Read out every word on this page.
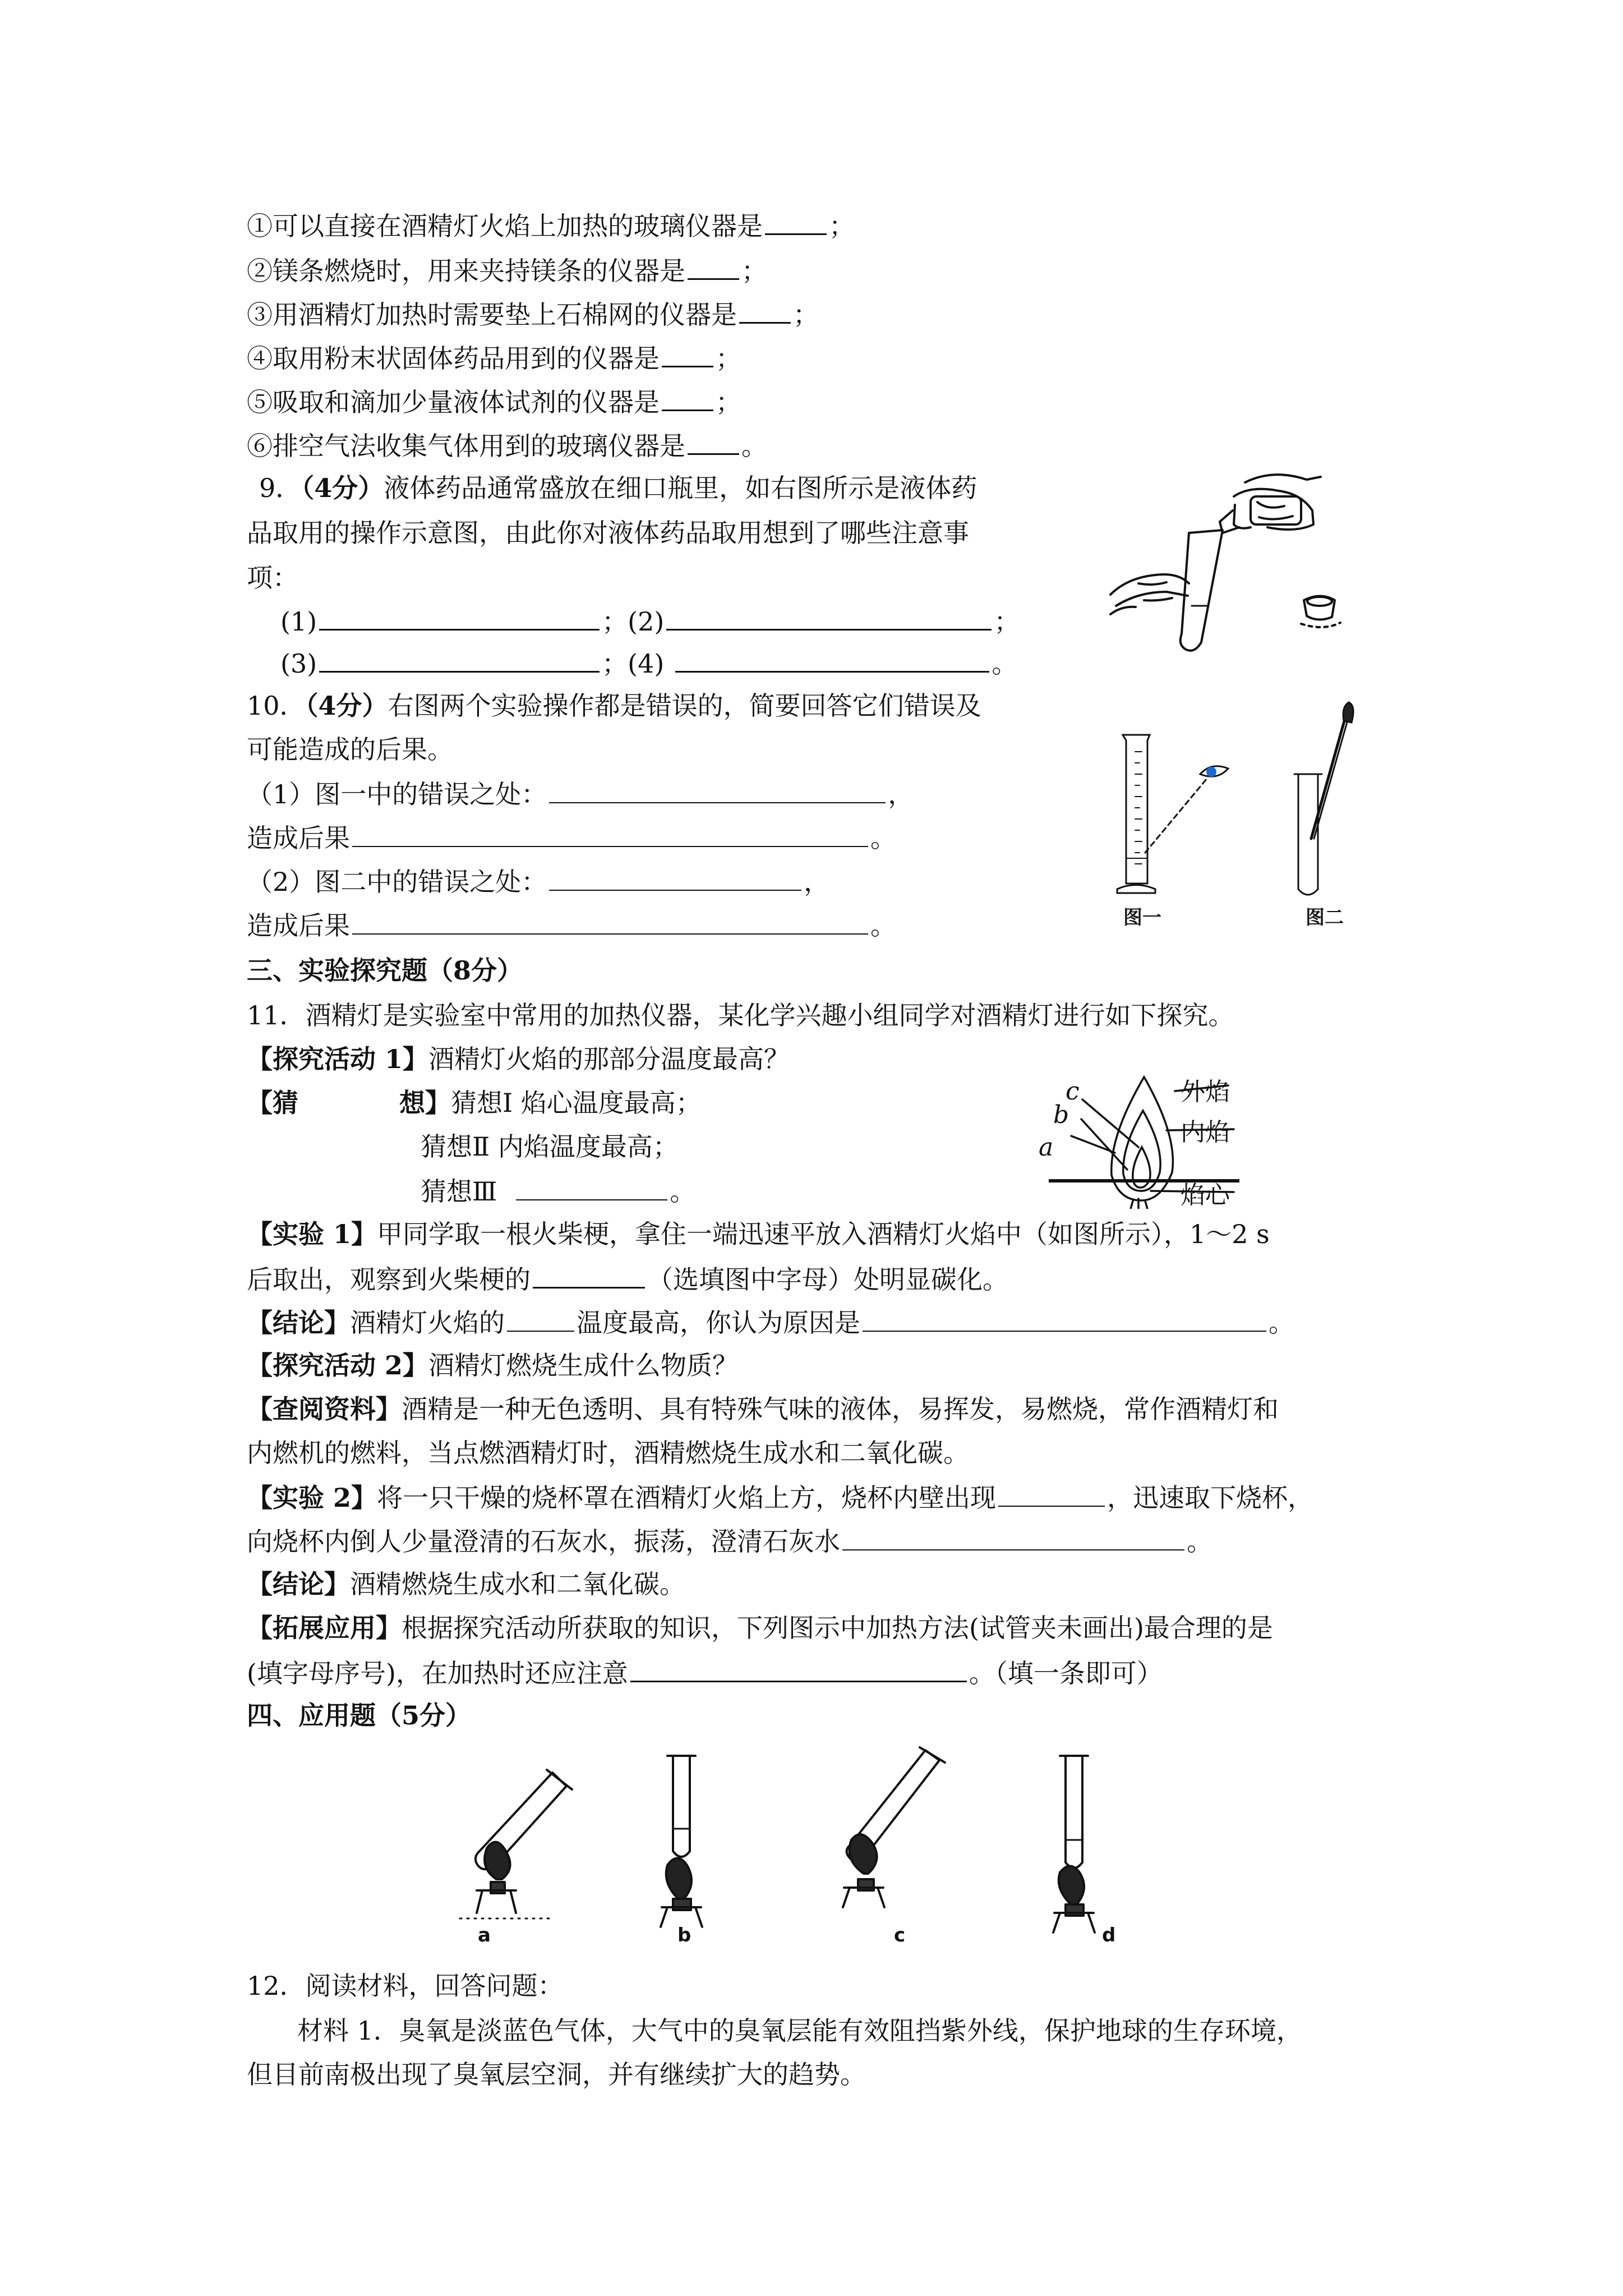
①可以直接在酒精灯火焰上加热的玻璃仪器是	；
②镁条燃烧时，用来夹持镁条的仪器是 ；
③用酒精灯加热时需要垫上石棉网的仪器是 ；
④取用粉末状固体药品用到的仪器是 ；
⑤吸取和滴加少量液体试剂的仪器是 ；
⑥排空气法收集气体用到的玻璃仪器是 。
9．（4分）液体药品通常盛放在细口瓶里，如右图所示是液体药
品取用的操作示意图，由此你对液体药品取用想到了哪些注意事
项：
(1)	；(2)	；
(3)	；(4)	。
10．（4分）右图两个实验操作都是错误的，简要回答它们错误及
可能造成的后果。
（1）图一中的错误之处：	，
造成后果	。
（2）图二中的错误之处：	，
造成后果	。	图一	图二
三、实验探究题（8分）
11．酒精灯是实验室中常用的加热仪器，某化学兴趣小组同学对酒精灯进行如下探究。
【探究活动 1】酒精灯火焰的那部分温度最高？
【猜	想】猜想Ⅰ 焰心温度最高；
猜想Ⅱ 内焰温度最高；
猜想Ⅲ	。
c
b
a
外焰
内焰
焰心
【实验 1】甲同学取一根火柴梗，拿住一端迅速平放入酒精灯火焰中（如图所示），1～2 s
后取出，观察到火柴梗的	（选填图中字母）处明显碳化。
【结论】酒精灯火焰的	温度最高，你认为原因是	。
【探究活动 2】酒精灯燃烧生成什么物质？
【查阅资料】酒精是一种无色透明、具有特殊气味的液体，易挥发，易燃烧，常作酒精灯和
内燃机的燃料，当点燃酒精灯时，酒精燃烧生成水和二氧化碳。
【实验 2】将一只干燥的烧杯罩在酒精灯火焰上方，烧杯内壁出现	，迅速取下烧杯，
向烧杯内倒人少量澄清的石灰水，振荡，澄清石灰水	。
【结论】酒精燃烧生成水和二氧化碳。
【拓展应用】根据探究活动所获取的知识，下列图示中加热方法(试管夹未画出)最合理的是
(填字母序号)，在加热时还应注意	。（填一条即可）
四、应用题（5分）
a	b	c	d
12．阅读材料，回答问题：
材料 1．臭氧是淡蓝色气体，大气中的臭氧层能有效阻挡紫外线，保护地球的生存环境，
但目前南极出现了臭氧层空洞，并有继续扩大的趋势。
